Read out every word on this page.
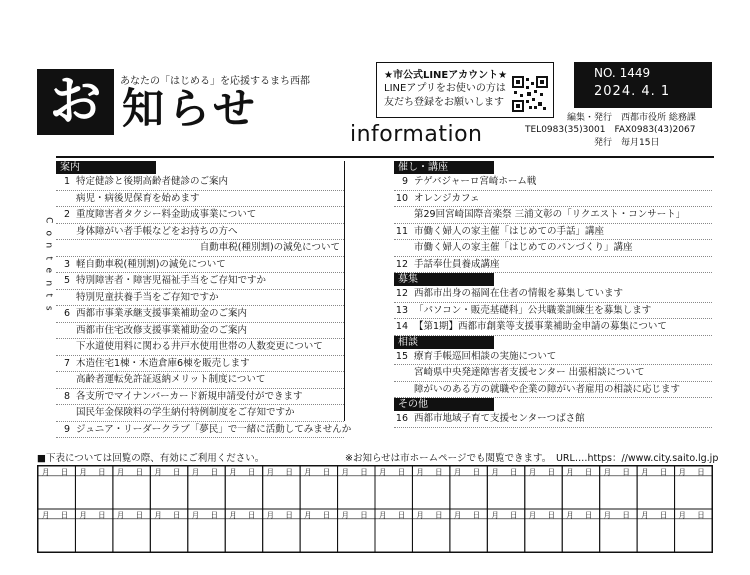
あなたの「はじめる」を応援するまち西都
お 知らせ
information
★市公式LINEアカウント★
LINEアプリをお使いの方は
友だち登録をお願いします
NO. 1449
2024. 4. 1
編集・発行　西都市役所 総務課
TEL0983(35)3001　FAX0983(43)2067
発行　毎月15日
C
o
n
t
e
n
t
s
案内
1 特定健診と後期高齢者健診のご案内
病児・病後児保育を始めます
2 重度障害者タクシー料金助成事業について
身体障がい者手帳などをお持ちの方へ
自動車税(種別割)の減免について
3 軽自動車税(種別割)の減免について
5 特別障害者・障害児福祉手当をご存知ですか
特別児童扶養手当をご存知ですか
6 西都市事業承継支援事業補助金のご案内
西都市住宅改修支援事業補助金のご案内
下水道使用料に関わる井戸水使用世帯の人数変更について
7 木造住宅1棟・木造倉庫6棟を販売します
高齢者運転免許証返納メリット制度について
8 各支所でマイナンバーカード新規申請受付ができます
国民年金保険料の学生納付特例制度をご存知ですか
9 ジュニア・リーダークラブ「夢民」で一緒に活動してみませんか
催し・講座
9 テゲバジャーロ宮崎ホーム戦
10 オレンジカフェ
第29回宮崎国際音楽祭 三浦文彰の「リクエスト・コンサート」
11 市働く婦人の家主催「はじめての手話」講座
市働く婦人の家主催「はじめてのパンづくり」講座
12 手話奉仕員養成講座
募集
12 西都市出身の福岡在住者の情報を募集しています
13 「パソコン・販売基礎科」公共職業訓練生を募集します
14 【第1期】西都市創業等支援事業補助金申請の募集について
相談
15 療育手帳巡回相談の実施について
宮崎県中央発達障害者支援センター 出張相談について
障がいのある方の就職や企業の障がい者雇用の相談に応じます
その他
16 西都市地域子育て支援センターつばさ館
■下表については回覧の際、有効にご利用ください。	※お知らせは市ホームページでも閲覧できます。　URL‥‥https：//www.city.saito.lg.jp
月 日 月 日 月 日 月 日 月 日 月 日 月 日 月 日 月 日 月 日 月 日 月 日 月 日 月 日 月 日 月 日 月 日 月 日
月 日 月 日 月 日 月 日 月 日 月 日 月 日 月 日 月 日 月 日 月 日 月 日 月 日 月 日 月 日 月 日 月 日 月 日
